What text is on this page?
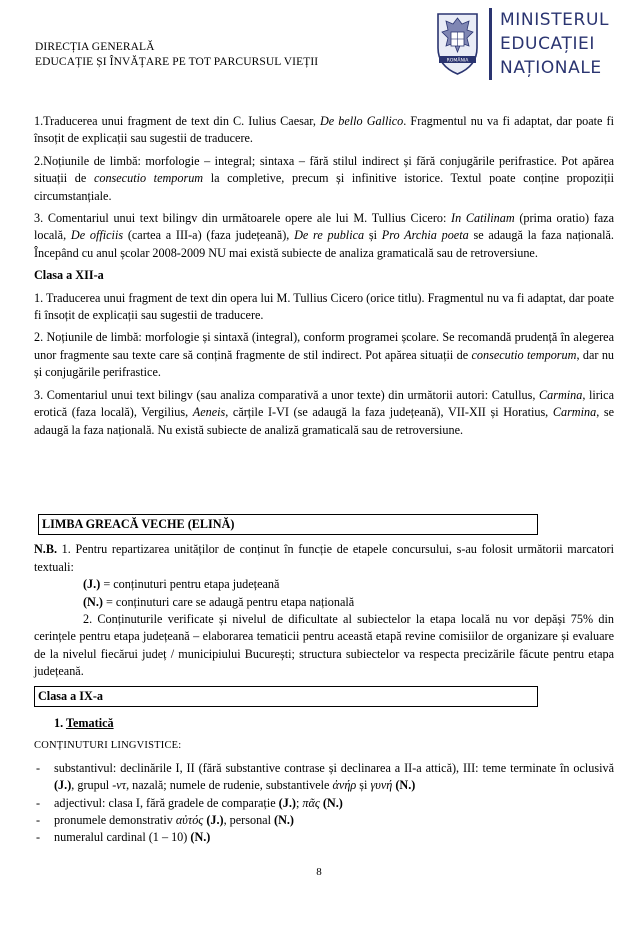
DIRECȚIA GENERALĂ
EDUCAȚIE ȘI ÎNVĂȚARE PE TOT PARCURSUL VIEȚII	ROMÂNIA
MINISTERUL
EDUCAȚIEI
NAȚIONALE

1.Traducerea unui fragment de text din C. Iulius Caesar, De bello Gallico. Fragmentul nu va fi adaptat, dar poate fi însoțit de explicații sau sugestii de traducere.

2.Noțiunile de limbă: morfologie – integral; sintaxa – fără stilul indirect și fără conjugările perifrastice. Pot apărea situații de consecutio temporum la completive, precum și infinitive istorice. Textul poate conține propoziții circumstanțiale.

3. Comentariul unui text bilingv din următoarele opere ale lui M. Tullius Cicero: In Catilinam (prima oratio) faza locală, De officiis (cartea a III-a) (faza județeană), De re publica și Pro Archia poeta se adaugă la faza națională. Începând cu anul școlar 2008-2009 NU mai există subiecte de analiza gramaticală sau de retroversiune.

Clasa a XII-a

1. Traducerea unui fragment de text din opera lui M. Tullius Cicero (orice titlu). Fragmentul nu va fi adaptat, dar poate fi însoțit de explicații sau sugestii de traducere.

2. Noțiunile de limbă: morfologie și sintaxă (integral), conform programei școlare. Se recomandă prudență în alegerea unor fragmente sau texte care să conțină fragmente de stil indirect. Pot apărea situații de consecutio temporum, dar nu și conjugările perifrastice.

3. Comentariul unui text bilingv (sau analiza comparativă a unor texte) din următorii autori: Catullus, Carmina, lirica erotică (faza locală), Vergilius, Aeneis, cărțile I-VI (se adaugă la faza județeană), VII-XII și Horatius, Carmina, se adaugă la faza națională. Nu există subiecte de analiză gramaticală sau de retroversiune.

LIMBA GREACĂ VECHE (ELINĂ)

N.B. 1. Pentru repartizarea unităților de conținut în funcție de etapele concursului, s-au folosit următorii marcatori textuali:

(J.) = conținuturi pentru etapa județeană

(N.) = conținuturi care se adaugă pentru etapa națională

2. Conținuturile verificate și nivelul de dificultate al subiectelor la etapa locală nu vor depăși 75% din cerințele pentru etapa județeană – elaborarea tematicii pentru această etapă revine comisiilor de organizare și evaluare de la nivelul fiecărui județ / municipiului București; structura subiectelor va respecta precizările făcute pentru etapa județeană.

Clasa a IX-a

1. Tematică

CONȚINUTURI LINGVISTICE:

- substantivul: declinările I, II (fără substantive contrase și declinarea a II-a attică), III: teme terminate în oclusivă (J.), grupul -ντ, nazală; numele de rudenie, substantivele ἀνήρ și γυνή (N.)
- adjectivul: clasa I, fără gradele de comparație (J.); πᾶς (N.)
- pronumele demonstrativ αὐτός (J.), personal (N.)
- numeralul cardinal (1 – 10) (N.)
8
